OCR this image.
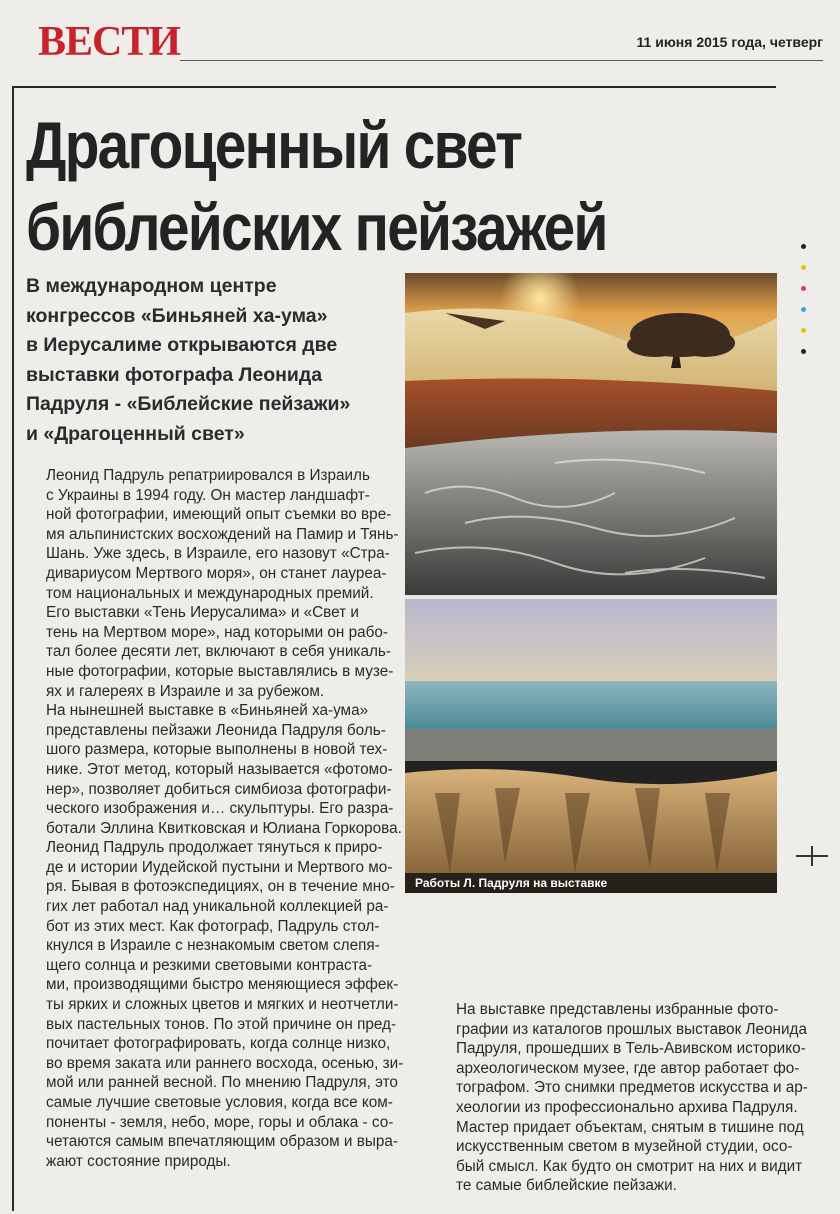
ВЕСТИ	11 июня 2015 года, четверг
Драгоценный свет
библейских пейзажей
В международном центре
конгрессов «Биньяней ха-ума»
в Иерусалиме открываются две
выставки фотографа Леонида
Падруля - «Библейские пейзажи»
и «Драгоценный свет»

Леонид Падруль репатриировался в Израиль
с Украины в 1994 году. Он мастер ландшафт-
ной фотографии, имеющий опыт съемки во вре-
мя альпинистских восхождений на Памир и Тянь-
Шань. Уже здесь, в Израиле, его назовут «Стра-
дивариусом Мертвого моря», он станет лауреа-
том национальных и международных премий.

Его выставки «Тень Иерусалима» и «Свет и
тень на Мертвом море», над которыми он рабо-
тал более десяти лет, включают в себя уникаль-
ные фотографии, которые выставлялись в музе-
ях и галереях в Израиле и за рубежом.

На нынешней выставке в «Биньяней ха-ума»
представлены пейзажи Леонида Падруля боль-
шого размера, которые выполнены в новой тех-
нике. Этот метод, который называется «фотомо-
нер», позволяет добиться симбиоза фотографи-
ческого изображения и… скульптуры. Его разра-
ботали Эллина Квитковская и Юлиана Горкорова.

Леонид Падруль продолжает тянуться к приро-
де и истории Иудейской пустыни и Мертвого мо-
ря. Бывая в фотоэкспедициях, он в течение мно-
гих лет работал над уникальной коллекцией ра-
бот из этих мест. Как фотограф, Падруль стол-
кнулся в Израиле с незнакомым светом слепя-
щего солнца и резкими световыми контраста-
ми, производящими быстро меняющиеся эффек-
ты ярких и сложных цветов и мягких и неотчетли-
вых пастельных тонов. По этой причине он пред-
почитает фотографировать, когда солнце низко,
во время заката или раннего восхода, осенью, зи-
мой или ранней весной. По мнению Падруля, это
самые лучшие световые условия, когда все ком-
поненты - земля, небо, море, горы и облака - со-
четаются самым впечатляющим образом и выра-
жают состояние природы.

Работы Л. Падруля на выставке

На выставке представлены избранные фото-
графии из каталогов прошлых выставок Леонида
Падруля, прошедших в Тель-Авивском историко-
археологическом музее, где автор работает фо-
тографом. Это снимки предметов искусства и ар-
хеологии из профессионально архива Падруля.
Мастер придает объектам, снятым в тишине под
искусственным светом в музейной студии, осо-
бый смысл. Как будто он смотрит на них и видит
те самые библейские пейзажи.
